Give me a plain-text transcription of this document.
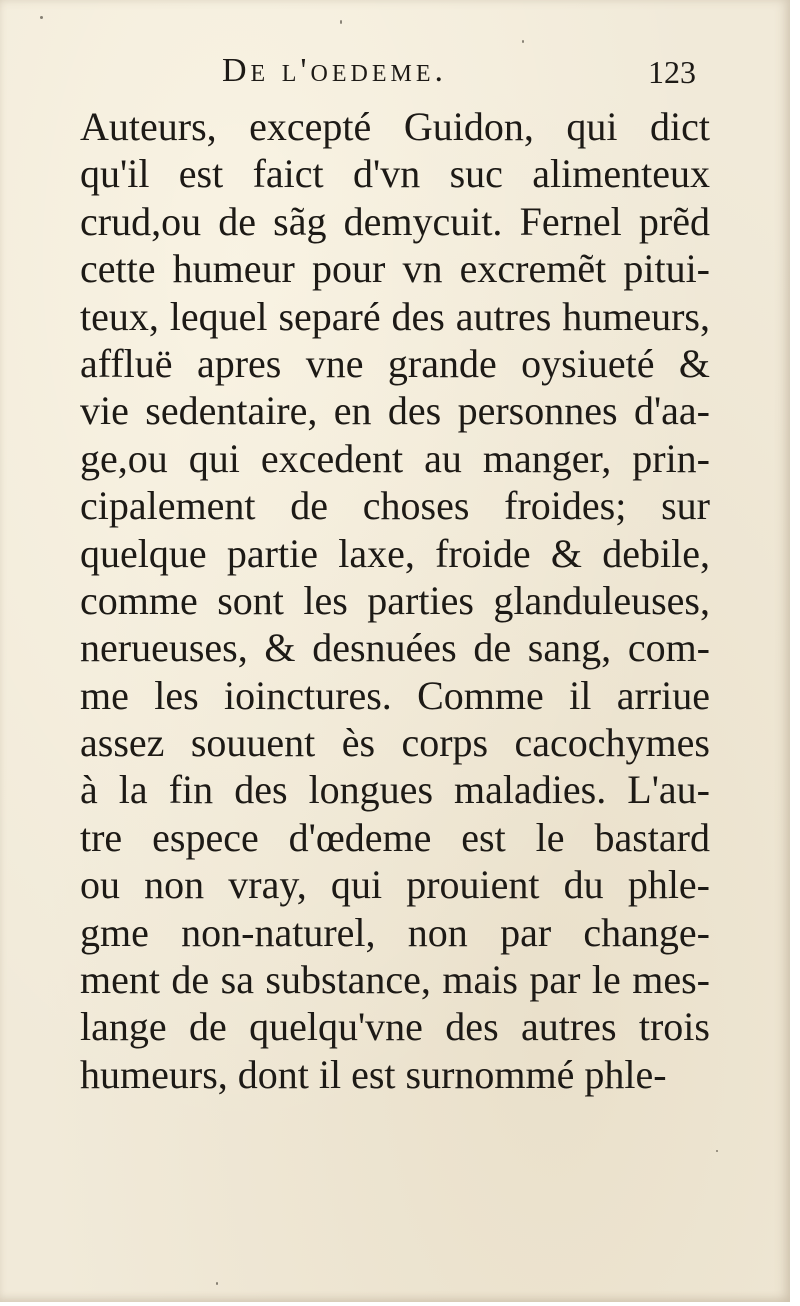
De l'oedeme.	123
Auteurs, excepté Guidon, qui dict
qu'il est faict d'vn suc alimenteux
crud,ou de sãg demycuit. Fernel prẽd
cette humeur pour vn excremẽt pitui-
teux, lequel separé des autres humeurs,
affluë apres vne grande oysiueté &
vie sedentaire, en des personnes d'aa-
ge,ou qui excedent au manger, prin-
cipalement de choses froides; sur
quelque partie laxe, froide & debile,
comme sont les parties glanduleuses,
nerueuses, & desnuées de sang, com-
me les ioinctures. Comme il arriue
assez souuent ès corps cacochymes
à la fin des longues maladies. L'au-
tre espece d'œdeme est le bastard
ou non vray, qui prouient du phle-
gme non-naturel, non par change-
ment de sa substance, mais par le mes-
lange de quelqu'vne des autres trois
humeurs, dont il est surnommé phle-
